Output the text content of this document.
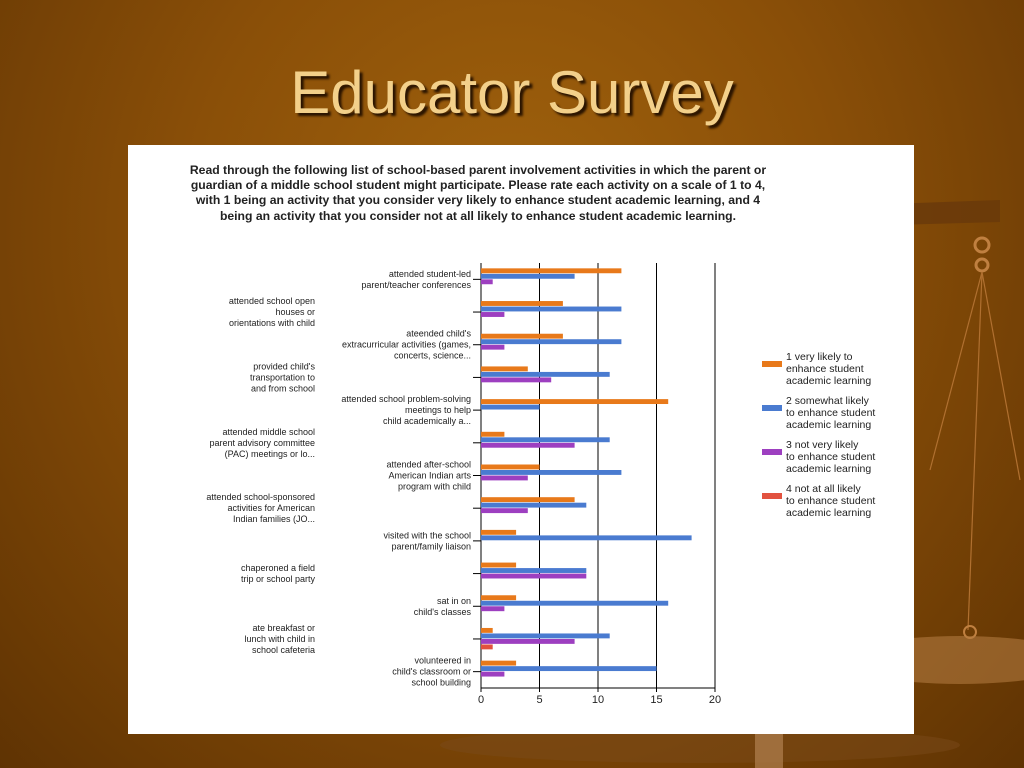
Educator Survey
Read through the following list of school-based parent involvement activities in which the parent or guardian of a middle school student might participate. Please rate each activity on a scale of 1 to 4, with 1 being an activity that you consider very likely to enhance student academic learning, and 4 being an activity that you consider not at all likely to enhance student academic learning.
0	5	10	15	20
attended student-led
parent/teacher conferences
attended school open
houses or
orientations with child
ateended child's
extracurricular activities (games,
concerts, science...
provided child's
transportation to
and from school
attended school problem-solving
meetings to help
child academically a...
attended middle school
parent advisory committee
(PAC) meetings or lo...
attended after-school
American Indian arts
program with child
attended school-sponsored
activities for American
Indian families (JO...
visited with the school
parent/family liaison
chaperoned a field
trip or school party
sat in on
child's classes
ate breakfast or
lunch with child in
school cafeteria
volunteered in
child's classroom or
school building
1 very likely to
enhance student
academic learning
2 somewhat likely
to enhance student
academic learning
3 not very likely
to enhance student
academic learning
4 not at all likely
to enhance student
academic learning
